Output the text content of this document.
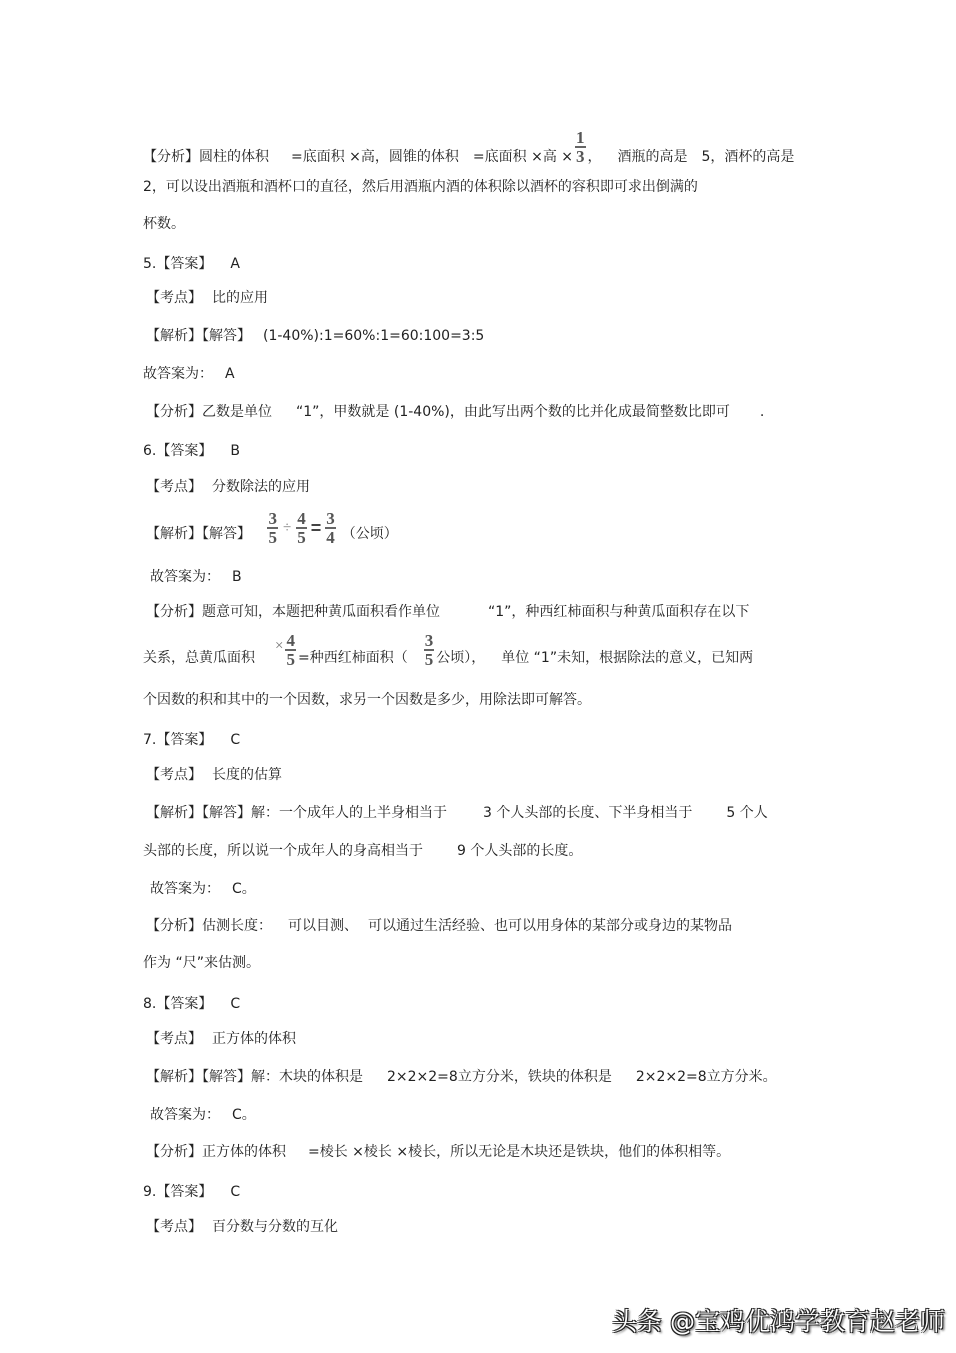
【分析】圆柱的体积 =底面积 ×高，圆锥的体积 =底面积 ×高 × $\frac{1}{3}$ ， 酒瓶的高是 5，酒杯的高是
2，可以设出酒瓶和酒杯口的直径，然后用酒瓶内酒的体积除以酒杯的容积即可求出倒满的
杯数。
5.【答案】 A
【考点】 比的应用
【解析】【解答】 (1-40%):1=60%:1=60:100=3:5
故答案为： A
【分析】乙数是单位 “1”，甲数就是 (1-40%)，由此写出两个数的比并化成最简整数比即可 .
6.【答案】 B
【考点】 分数除法的应用
【解析】【解答】 $\frac{3}{5} \div \frac{4}{5} = \frac{3}{4}$ （公顷）
故答案为： B
【分析】题意可知，本题把种黄瓜面积看作单位	“1”，种西红柿面积与种黄瓜面积存在以下
关系，总黄瓜面积× $\frac{4}{5}$ =种西红柿面积（ $\frac{3}{5}$ 公顷）， 单位 “1”未知，根据除法的意义，已知两
个因数的积和其中的一个因数，求另一个因数是多少，用除法即可解答。
7.【答案】 C
【考点】 长度的估算
【解析】【解答】解：一个成年人的上半身相当于	3 个人头部的长度、下半身相当于 5 个人
头部的长度，所以说一个成年人的身高相当于 9 个人头部的长度。
故答案为： C。
【分析】估测长度： 可以目测、 可以通过生活经验、也可以用身体的某部分或身边的某物品
作为 “尺”来估测。
8.【答案】 C
【考点】 正方体的体积
【解析】【解答】解：木块的体积是 2×2×2=8立方分米，铁块的体积是 2×2×2=8立方分米。
故答案为： C。
【分析】正方体的体积 =棱长 ×棱长 ×棱长，所以无论是木块还是铁块，他们的体积相等。
9.【答案】 C
【考点】 百分数与分数的互化
头条 @宝鸡优鸿学教育赵老师
